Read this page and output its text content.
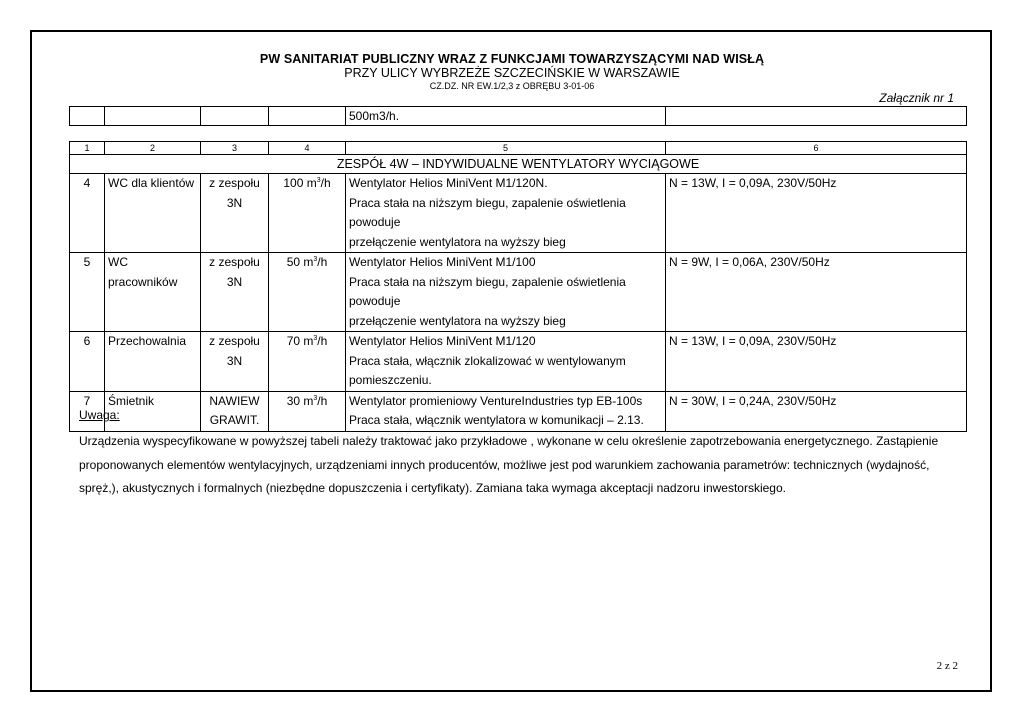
PW SANITARIAT PUBLICZNY WRAZ Z FUNKCJAMI TOWARZYSZĄCYMI NAD WISŁĄ
PRZY ULICY WYBRZEŻE SZCZECIŃSKIE W WARSZAWIE
CZ.DZ. NR EW.1/2,3 z OBRĘBU 3-01-06
Załącznik nr 1
				500m3/h.	
1	2	3	4	5	6
ZESPÓŁ 4W – INDYWIDUALNE WENTYLATORY WYCIĄGOWE					
4	WC dla klientów	z zespołu 3N	100 $m^3/h$	Wentylator Helios MiniVent M1/120N.
Praca stała na niższym biegu, zapalenie oświetlenia powoduje
przełączenie wentylatora na wyższy bieg	N = 13W, I = 0,09A, 230V/50Hz
5	WC pracowników	z zespołu 3N	50 $m^3/h$	Wentylator Helios MiniVent M1/100
Praca stała na niższym biegu, zapalenie oświetlenia powoduje
przełączenie wentylatora na wyższy bieg	N = 9W, I = 0,06A, 230V/50Hz
6	Przechowalnia	z zespołu 3N	70 $m^3/h$	Wentylator Helios MiniVent M1/120
Praca stała, włącznik zlokalizować w wentylowanym
pomieszczeniu.	N = 13W, I = 0,09A, 230V/50Hz
7	Śmietnik	NAWIEW
GRAWIT.	30 $m^3/h$	Wentylator promieniowy VentureIndustries typ EB-100s
Praca stała, włącznik wentylatora w komunikacji – 2.13.	N = 30W, I = 0,24A, 230V/50Hz
Uwaga:
Urządzenia wyspecyfikowane w powyższej tabeli należy traktować jako przykładowe , wykonane w celu określenie zapotrzebowania energetycznego. Zastąpienie proponowanych elementów wentylacyjnych, urządzeniami innych producentów, możliwe jest pod warunkiem zachowania parametrów: technicznych (wydajność, spręż,), akustycznych i formalnych (niezbędne dopuszczenia i certyfikaty). Zamiana taka wymaga akceptacji nadzoru inwestorskiego.
2 z 2
